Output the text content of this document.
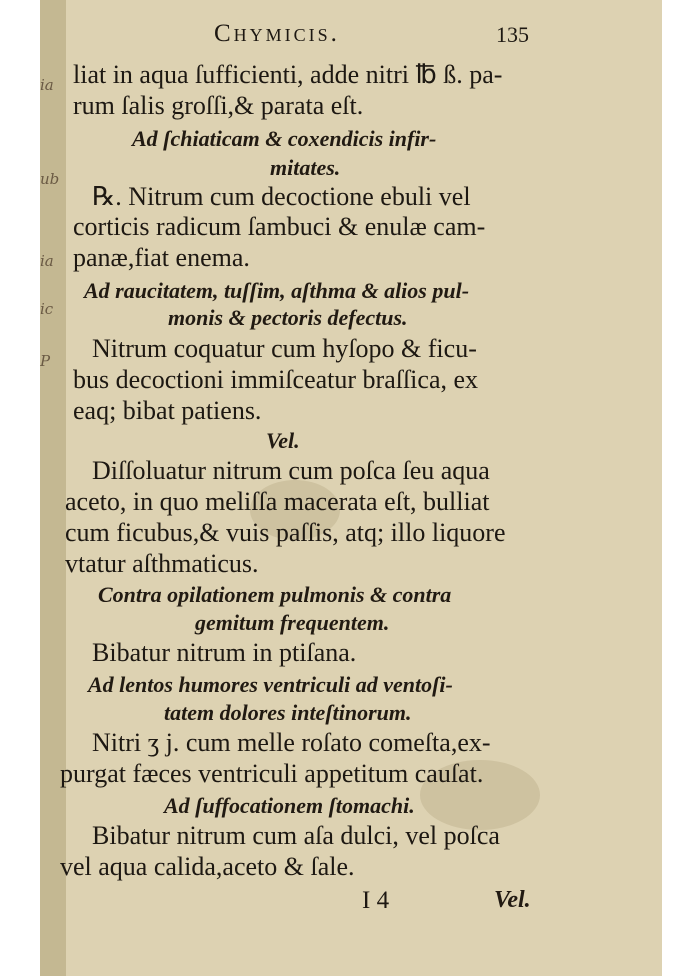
ia
ub
ia
ic
P
Chymicis.	135
liat in aqua ſufficienti, adde nitri ℔ ß. pa-
rum ſalis groſſi,& parata eſt.
Ad ſchiaticam & coxendicis infir-
mitates.
℞. Nitrum cum decoctione ebuli vel
corticis radicum ſambuci & enulæ cam-
panæ,fiat enema.
Ad raucitatem, tuſſim, aſthma & alios pul-
monis & pectoris defectus.
Nitrum coquatur cum hyſopo & ficu-
bus decoctioni immiſceatur braſſica, ex
eaq; bibat patiens.
Vel.
Diſſoluatur nitrum cum poſca ſeu aqua
aceto, in quo meliſſa macerata eſt, bulliat
cum ficubus,& vuis paſſis, atq; illo liquore
vtatur aſthmaticus.
Contra opilationem pulmonis & contra
gemitum frequentem.
Bibatur nitrum in ptiſana.
Ad lentos humores ventriculi ad ventoſi-
tatem dolores inteſtinorum.
Nitri ʒ j. cum melle roſato comeſta,ex-
purgat fæces ventriculi appetitum cauſat.
Ad ſuffocationem ſtomachi.
Bibatur nitrum cum aſa dulci, vel poſca
vel aqua calida,aceto & ſale.
I 4	Vel.
